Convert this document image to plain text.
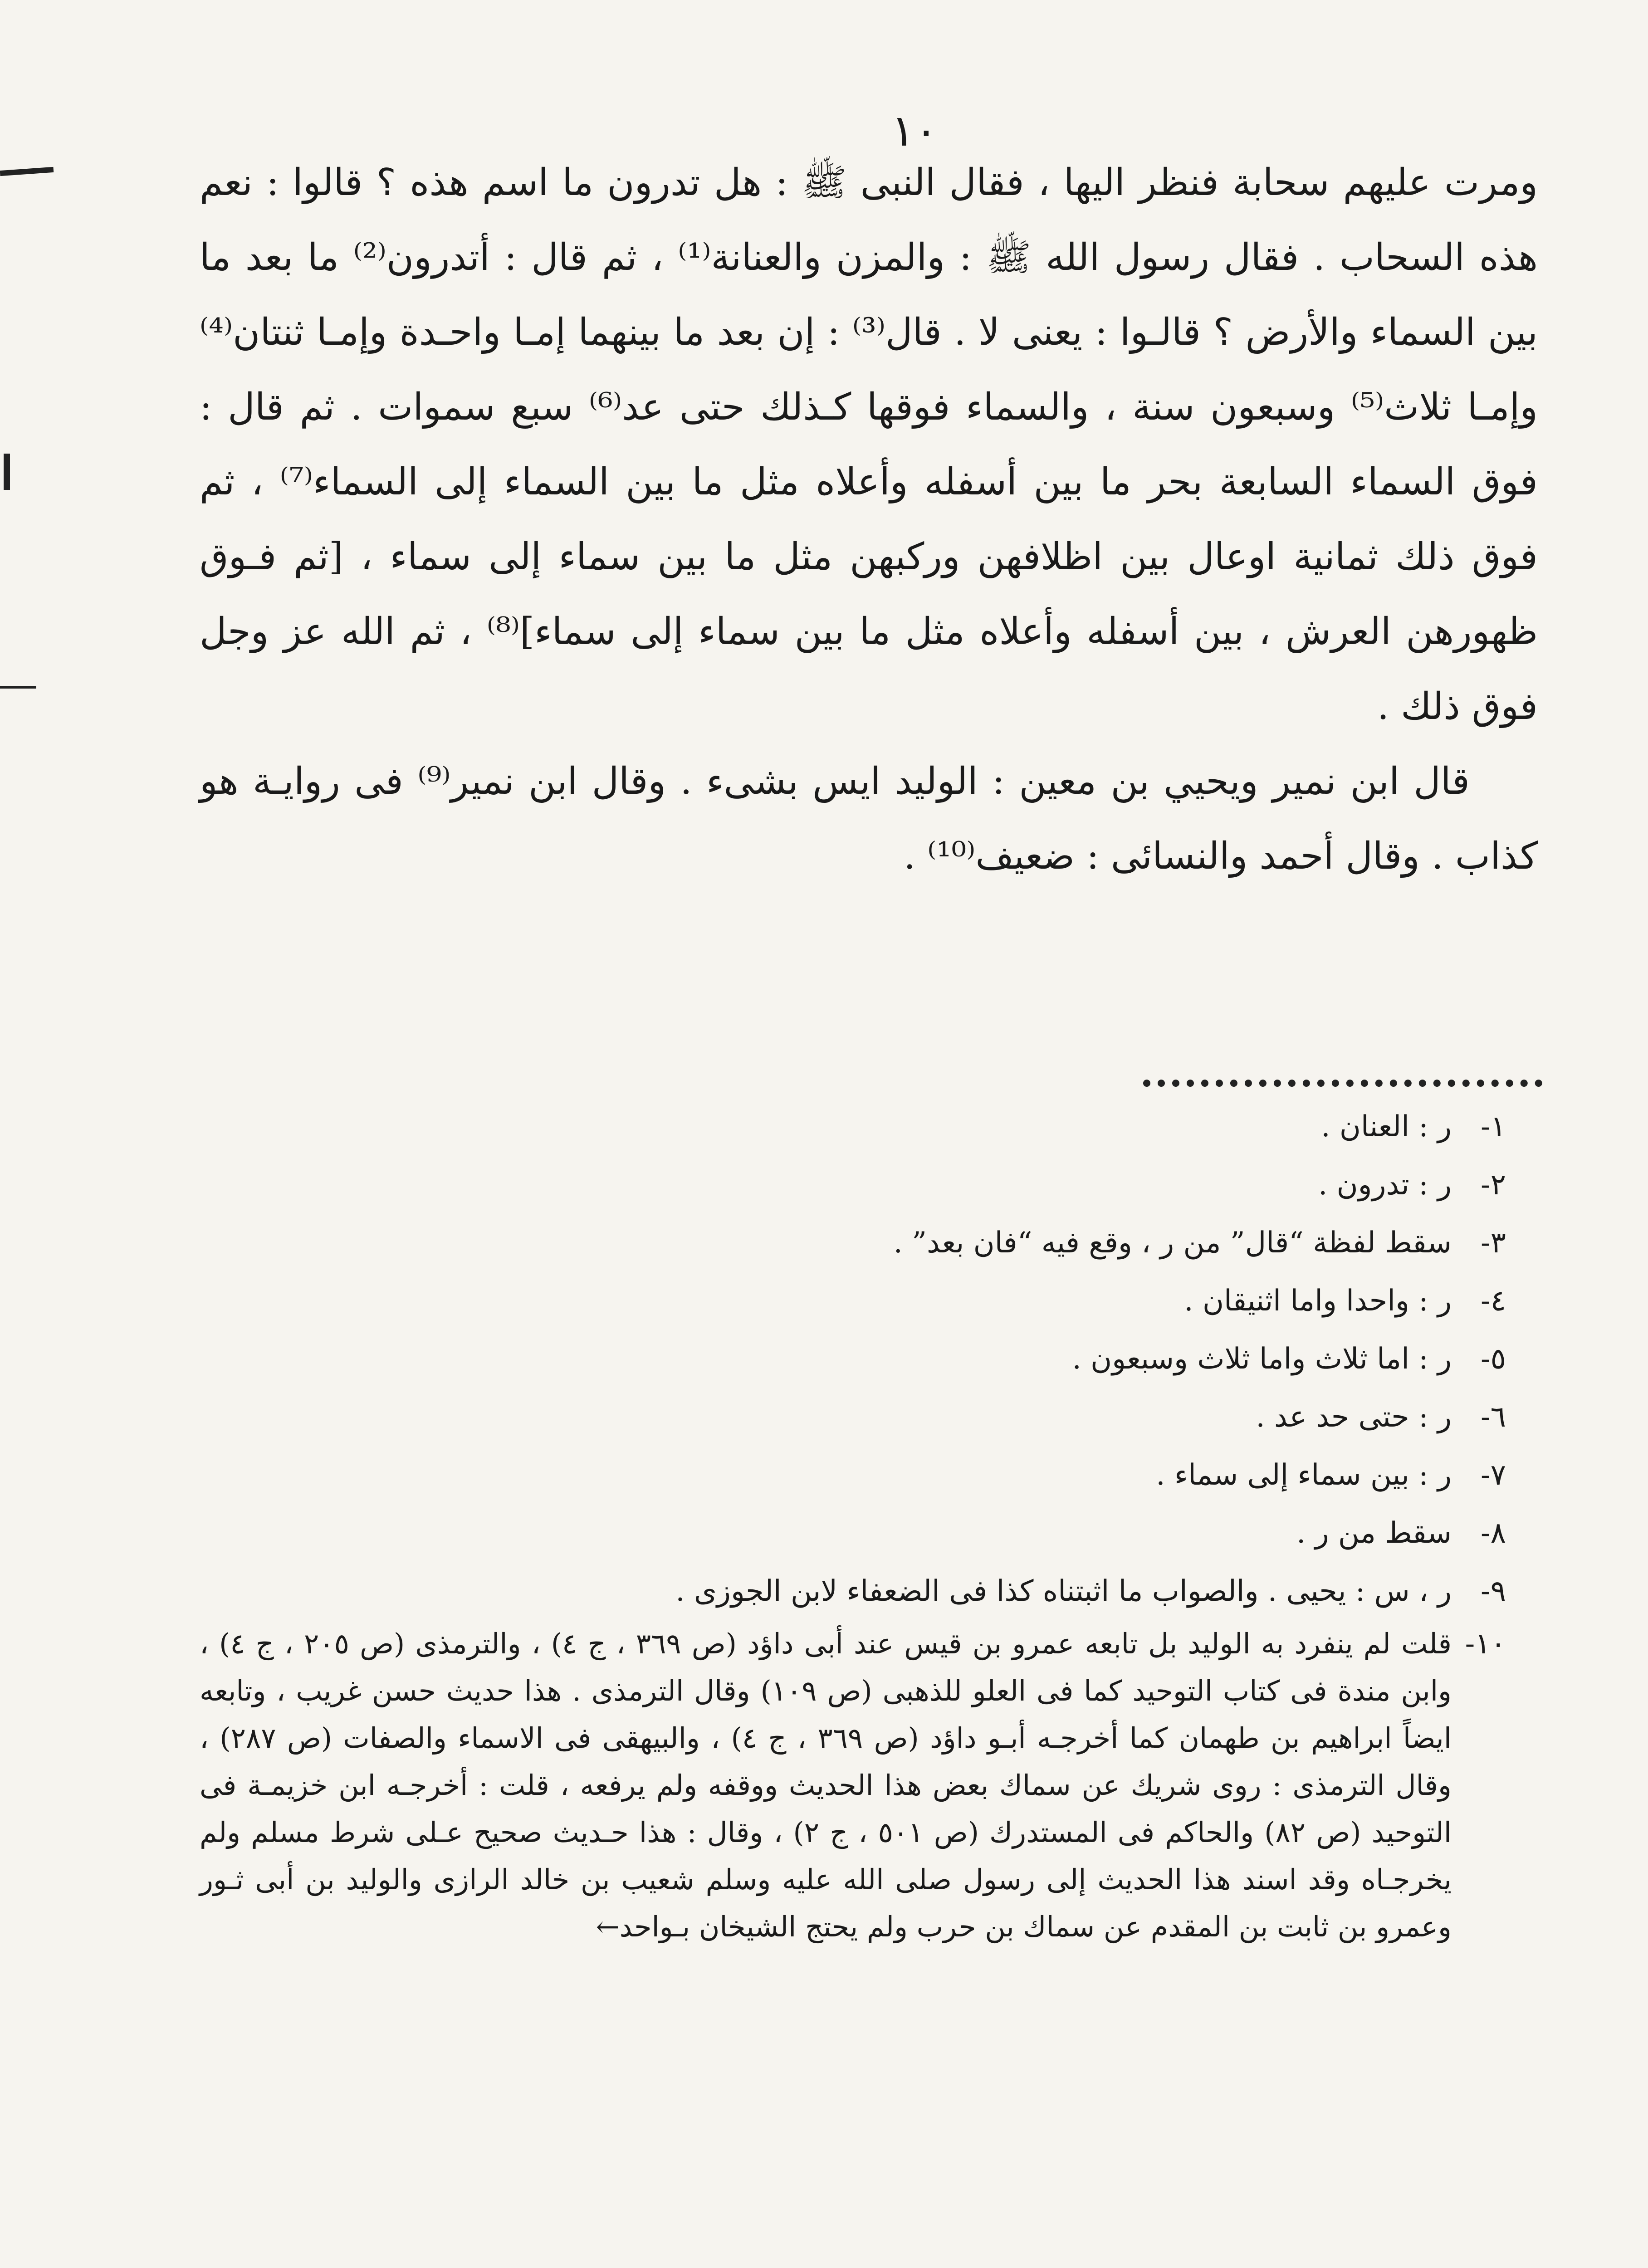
١٠

ومرت عليهم سحابة فنظر اليها ، فقال النبى ﷺ : هل تدرون ما اسم هذه ؟ قالوا : نعم هذه السحاب . فقال رسول الله ﷺ : والمزن والعنانة⁽¹⁾ ، ثم قال : أتدرون⁽²⁾ ما بعد ما بين السماء والأرض ؟ قالـوا : يعنى لا . قال⁽³⁾ : إن بعد ما بينهما إمـا واحـدة وإمـا ثنتان⁽⁴⁾ وإمـا ثلاث⁽⁵⁾ وسبعون سنة ، والسماء فوقها كـذلك حتى عد⁽⁶⁾ سبع سموات . ثم قال : فوق السماء السابعة بحر ما بين أسفله وأعلاه مثل ما بين السماء إلى السماء⁽⁷⁾ ، ثم فوق ذلك ثمانية اوعال بين اظلافهن وركبهن مثل ما بين سماء إلى سماء ، [ثم فـوق ظهورهن العرش ، بين أسفله وأعلاه مثل ما بين سماء إلى سماء]⁽⁸⁾ ، ثم الله عز وجل فوق ذلك .

قال ابن نمير ويحيي بن معين : الوليد ايس بشىء . وقال ابن نمير⁽⁹⁾ فى روايـة هو كذاب . وقال أحمد والنسائى : ضعيف⁽¹⁰⁾ .

١-
ر : العنان .
٢-
ر : تدرون .
٣-
سقط لفظة “قال” من ر ، وقع فيه “فان بعد” .
٤-
ر : واحدا واما اثنيقان .
٥-
ر : اما ثلاث واما ثلاث وسبعون .
٦-
ر : حتى حد عد .
٧-
ر : بين سماء إلى سماء .
٨-
سقط من ر .
٩-
ر ، س : يحيى . والصواب ما اثبتناه كذا فى الضعفاء لابن الجوزى .
١٠-
قلت لم ينفرد به الوليد بل تابعه عمرو بن قيس عند أبى داؤد (ص ٣٦٩ ، ج ٤) ، والترمذى (ص ٢٠٥ ، ج ٤) ، وابن مندة فى كتاب التوحيد كما فى العلو للذهبى (ص ١٠٩) وقال الترمذى . هذا حديث حسن غريب ، وتابعه ايضاً ابراهيم بن طهمان كما أخرجـه أبـو داؤد (ص ٣٦٩ ، ج ٤) ، والبيهقى فى الاسماء والصفات (ص ٢٨٧) ، وقال الترمذى : روى شريك عن سماك بعض هذا الحديث ووقفه ولم يرفعه ، قلت : أخرجـه ابن خزيمـة فى التوحيد (ص ٨٢) والحاكم فى المستدرك (ص ٥٠١ ، ج ٢) ، وقال : هذا حـديث صحيح عـلى شرط مسلم ولم يخرجـاه وقد اسند هذا الحديث إلى رسول صلى الله عليه وسلم شعيب بن خالد الرازى والوليد بن أبى ثـور وعمرو بن ثابت بن المقدم عن سماك بن حرب ولم يحتج الشيخان بـواحد←
